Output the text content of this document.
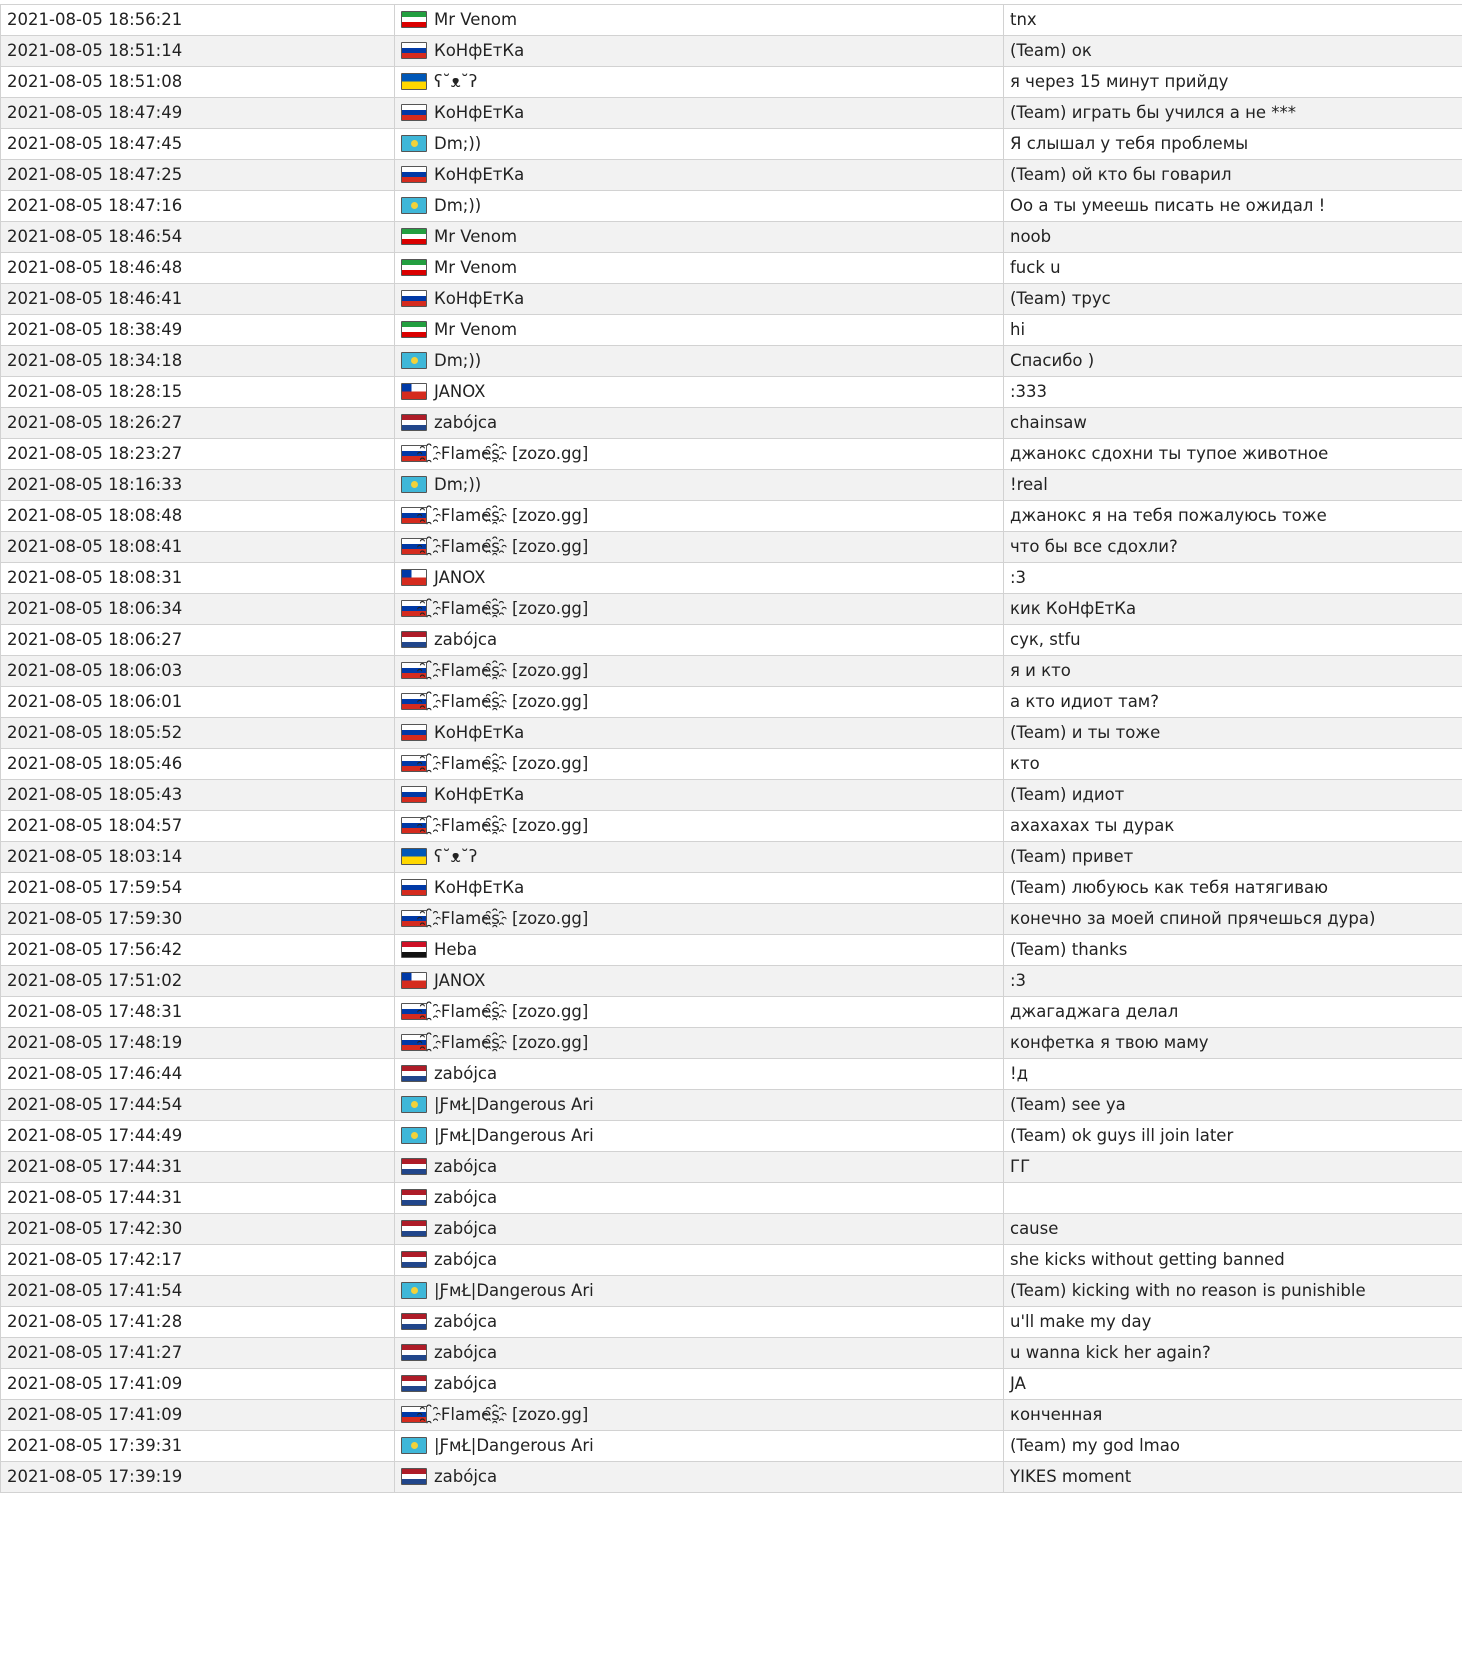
2021-08-05 18:56:21	Mr Venom	tnx
2021-08-05 18:51:14	КоНфЕтКа	(Team) ок
2021-08-05 18:51:08	ʕ˘ᴥ˘ʔ	я через 15 минут прийду
2021-08-05 18:47:49	КоНфЕтКа	(Team) играть бы учился а не ***
2021-08-05 18:47:45	Dm;))	Я слышал у тебя проблемы
2021-08-05 18:47:25	КоНфЕтКа	(Team) ой кто бы говарил
2021-08-05 18:47:16	Dm;))	Оо а ты умеешь писать не ожидал !
2021-08-05 18:46:54	Mr Venom	noob
2021-08-05 18:46:48	Mr Venom	fuck u
2021-08-05 18:46:41	КоНфЕтКа	(Team) трус
2021-08-05 18:38:49	Mr Venom	hi
2021-08-05 18:34:18	Dm;))	Спасибо )
2021-08-05 18:28:15	JANOX	:333
2021-08-05 18:26:27	zabójca	chainsaw
2021-08-05 18:23:27	҈Flames҈ [zozo.gg]	джанокс сдохни ты тупое животное
2021-08-05 18:16:33	Dm;))	!real
2021-08-05 18:08:48	҈Flames҈ [zozo.gg]	джанокс я на тебя пожалуюсь тоже
2021-08-05 18:08:41	҈Flames҈ [zozo.gg]	что бы все сдохли?
2021-08-05 18:08:31	JANOX	:3
2021-08-05 18:06:34	҈Flames҈ [zozo.gg]	кик КоНфЕтКа
2021-08-05 18:06:27	zabójca	сук, stfu
2021-08-05 18:06:03	҈Flames҈ [zozo.gg]	я и кто
2021-08-05 18:06:01	҈Flames҈ [zozo.gg]	а кто идиот там?
2021-08-05 18:05:52	КоНфЕтКа	(Team) и ты тоже
2021-08-05 18:05:46	҈Flames҈ [zozo.gg]	кто
2021-08-05 18:05:43	КоНфЕтКа	(Team) идиот
2021-08-05 18:04:57	҈Flames҈ [zozo.gg]	ахахахах ты дурак
2021-08-05 18:03:14	ʕ˘ᴥ˘ʔ	(Team) привет
2021-08-05 17:59:54	КоНфЕтКа	(Team) любуюсь как тебя натягиваю
2021-08-05 17:59:30	҈Flames҈ [zozo.gg]	конечно за моей спиной прячешься дура)
2021-08-05 17:56:42	Heba	(Team) thanks
2021-08-05 17:51:02	JANOX	:3
2021-08-05 17:48:31	҈Flames҈ [zozo.gg]	джагаджага делал
2021-08-05 17:48:19	҈Flames҈ [zozo.gg]	конфетка я твою маму
2021-08-05 17:46:44	zabójca	!д
2021-08-05 17:44:54	|ƑмŁ|Dangerous Ari	(Team) see ya
2021-08-05 17:44:49	|ƑмŁ|Dangerous Ari	(Team) ok guys ill join later
2021-08-05 17:44:31	zabójca	ГГ
2021-08-05 17:44:31	zabójca	
2021-08-05 17:42:30	zabójca	cause
2021-08-05 17:42:17	zabójca	she kicks without getting banned
2021-08-05 17:41:54	|ƑмŁ|Dangerous Ari	(Team) kicking with no reason is punishible
2021-08-05 17:41:28	zabójca	u'll make my day
2021-08-05 17:41:27	zabójca	u wanna kick her again?
2021-08-05 17:41:09	zabójca	JA
2021-08-05 17:41:09	҈Flames҈ [zozo.gg]	конченная
2021-08-05 17:39:31	|ƑмŁ|Dangerous Ari	(Team) my god lmao
2021-08-05 17:39:19	zabójca	YIKES moment
